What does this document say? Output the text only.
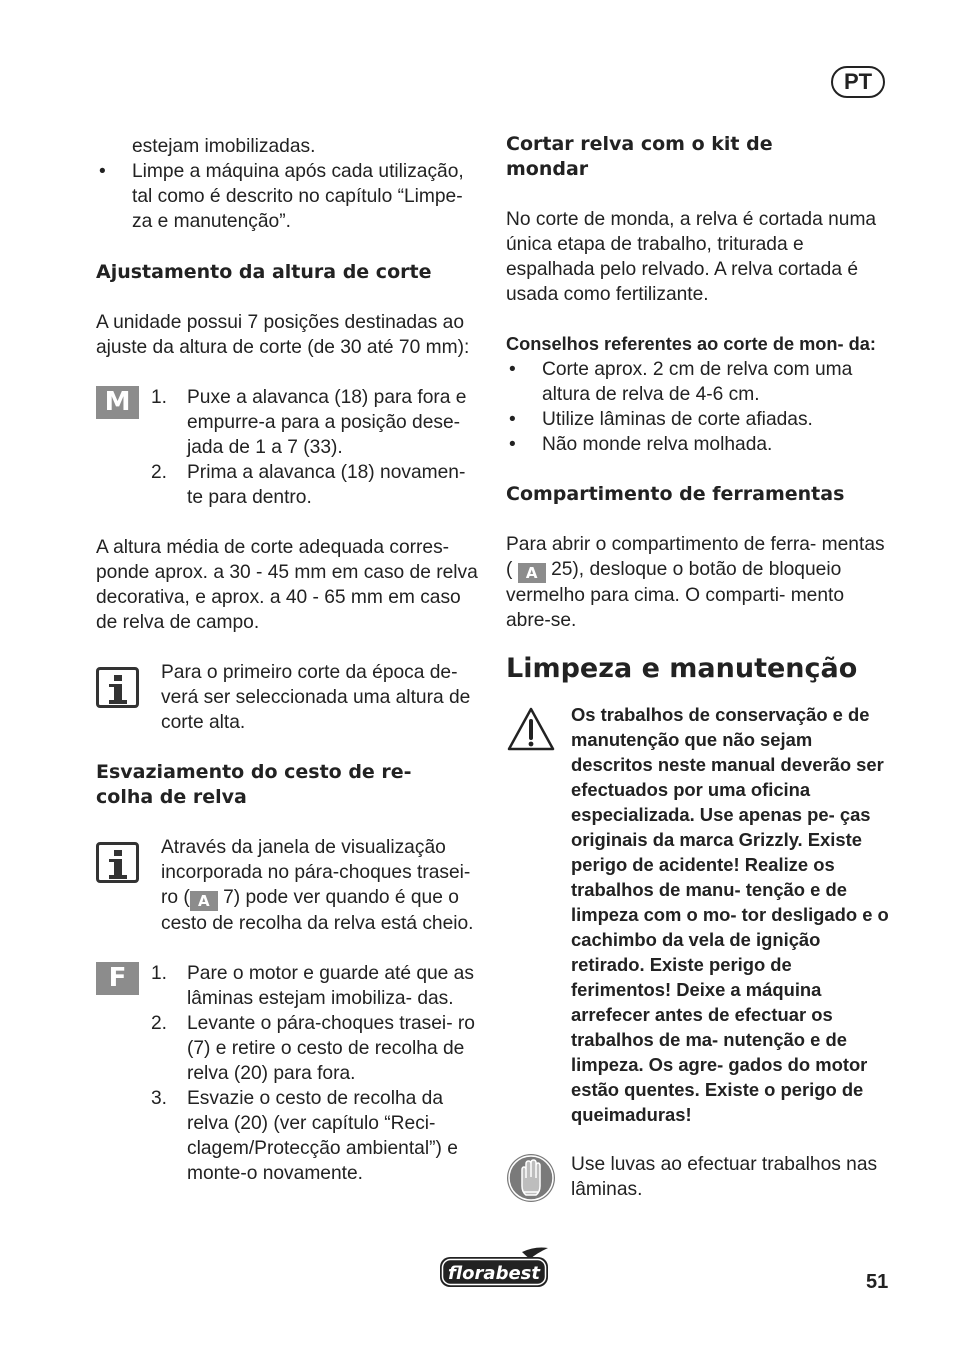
PT

estejam imobilizadas.

• Limpe a máquina após cada utilização, tal como é descrito no capítulo “Limpe- za e manutenção”.
Ajustamento da altura de corte

A unidade possui 7 posições destinadas ao ajuste da altura de corte (de 30 até 70 mm):

M	1. Puxe a alavanca (18) para fora e empurre-a para a posição dese- jada de 1 a 7 (33).
2. Prima a alavanca (18) novamen- te para dentro.

A altura média de corte adequada corres- ponde aprox. a 30 - 45 mm em caso de relva decorativa, e aprox. a 40 - 65 mm em caso de relva de campo.

Para o primeiro corte da época de- verá ser seleccionada uma altura de corte alta.

Esvaziamento do cesto de re- colha de relva

Através da janela de visualização incorporada no pára-choques trasei- ro ( A 7) pode ver quando é que o cesto de recolha da relva está cheio.

F	1. Pare o motor e guarde até que as lâminas estejam imobiliza- das.
2. Levante o pára-choques trasei- ro (7) e retire o cesto de recolha de relva (20) para fora.
3. Esvazie o cesto de recolha da relva (20) (ver capítulo “Reci- clagem/Protecção ambiental”) e monte-o novamente.
Cortar relva com o kit de mondar

No corte de monda, a relva é cortada numa única etapa de trabalho, triturada e espalhada pelo relvado. A relva cortada é usada como fertilizante.

Conselhos referentes ao corte de mon- da:

• Corte aprox. 2 cm de relva com uma altura de relva de 4-6 cm.
• Utilize lâminas de corte afiadas.
• Não monde relva molhada.
Compartimento de ferramentas

Para abrir o compartimento de ferra- mentas ( A 25), desloque o botão de bloqueio vermelho para cima. O comparti- mento abre-se.

Limpeza e manutenção

Os trabalhos de conservação e de manutenção que não sejam descritos neste manual deverão ser efectuados por uma oficina especializada. Use apenas pe- ças originais da marca Grizzly. Existe perigo de acidente! Realize os trabalhos de manu- tenção e de limpeza com o mo- tor desligado e o cachimbo da vela de ignição retirado. Existe perigo de ferimentos! Deixe a máquina arrefecer antes de efectuar os trabalhos de ma- nutenção e de limpeza. Os agre- gados do motor estão quentes. Existe o perigo de queimaduras!

Use luvas ao efectuar trabalhos nas lâminas.

florabest	51
